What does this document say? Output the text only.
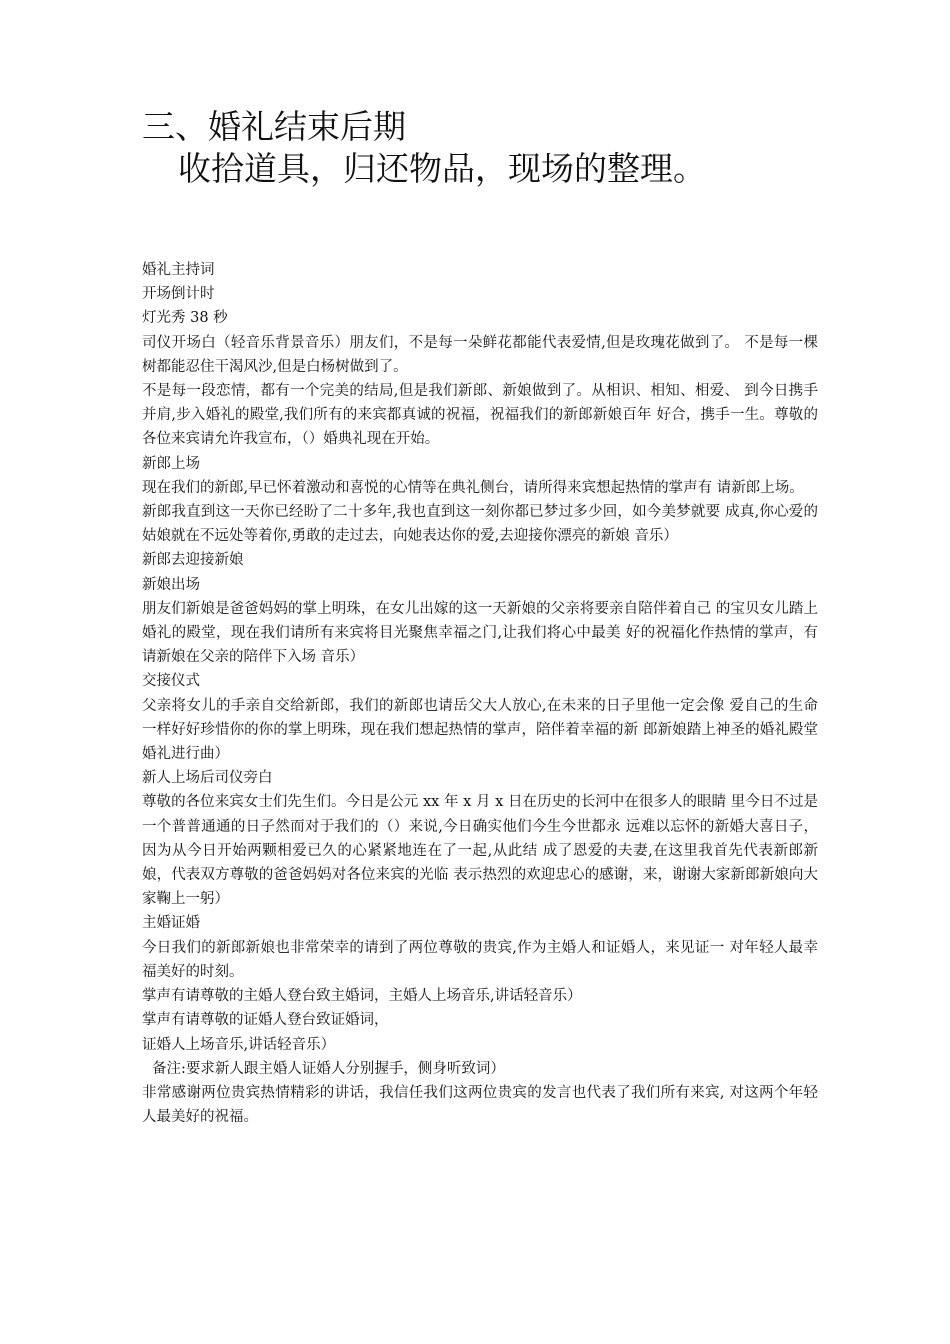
三、婚礼结束后期
收拾道具，归还物品，现场的整理。

婚礼主持词

开场倒计时

灯光秀 38 秒

司仪开场白（轻音乐背景音乐）朋友们，不是每一朵鲜花都能代表爱情,但是玫瑰花做到了。 不是每一棵树都能忍住干渴风沙,但是白杨树做到了。

不是每一段恋情，都有一个完美的结局,但是我们新郎、新娘做到了。从相识、相知、相爱、 到今日携手并肩,步入婚礼的殿堂,我们所有的来宾都真诚的祝福，祝福我们的新郎新娘百年 好合，携手一生。尊敬的各位来宾请允许我宣布，（）婚典礼现在开始。

新郎上场

现在我们的新郎,早已怀着激动和喜悦的心情等在典礼侧台，请所得来宾想起热情的掌声有 请新郎上场。

新郎我直到这一天你已经盼了二十多年,我也直到这一刻你都已梦过多少回，如今美梦就要 成真,你心爱的姑娘就在不远处等着你,勇敢的走过去，向她表达你的爱,去迎接你漂亮的新娘 音乐）

新郎去迎接新娘

新娘出场

朋友们新娘是爸爸妈妈的掌上明珠，在女儿出嫁的这一天新娘的父亲将要亲自陪伴着自己 的宝贝女儿踏上婚礼的殿堂，现在我们请所有来宾将目光聚焦幸福之门,让我们将心中最美 好的祝福化作热情的掌声，有请新娘在父亲的陪伴下入场 音乐）

交接仪式

父亲将女儿的手亲自交给新郎，我们的新郎也请岳父大人放心,在未来的日子里他一定会像 爱自己的生命一样好好珍惜你的你的掌上明珠，现在我们想起热情的掌声，陪伴着幸福的新 郎新娘踏上神圣的婚礼殿堂婚礼进行曲）

新人上场后司仪旁白

尊敬的各位来宾女士们先生们。今日是公元 xx 年 x 月 x 日在历史的长河中在很多人的眼睛 里今日不过是一个普普通通的日子然而对于我们的（）来说,今日确实他们今生今世都永 远难以忘怀的新婚大喜日子，因为从今日开始两颗相爱已久的心紧紧地连在了一起,从此结 成了恩爱的夫妻,在这里我首先代表新郎新娘，代表双方尊敬的爸爸妈妈对各位来宾的光临 表示热烈的欢迎忠心的感谢，来，谢谢大家新郎新娘向大家鞠上一躬）

主婚证婚

今日我们的新郎新娘也非常荣幸的请到了两位尊敬的贵宾,作为主婚人和证婚人，来见证一 对年轻人最幸福美好的时刻。

掌声有请尊敬的主婚人登台致主婚词，主婚人上场音乐,讲话轻音乐）

掌声有请尊敬的证婚人登台致证婚词，

证婚人上场音乐,讲话轻音乐）

备注:要求新人跟主婚人证婚人分别握手，侧身听致词）

非常感谢两位贵宾热情精彩的讲话，我信任我们这两位贵宾的发言也代表了我们所有来宾, 对这两个年轻人最美好的祝福。
